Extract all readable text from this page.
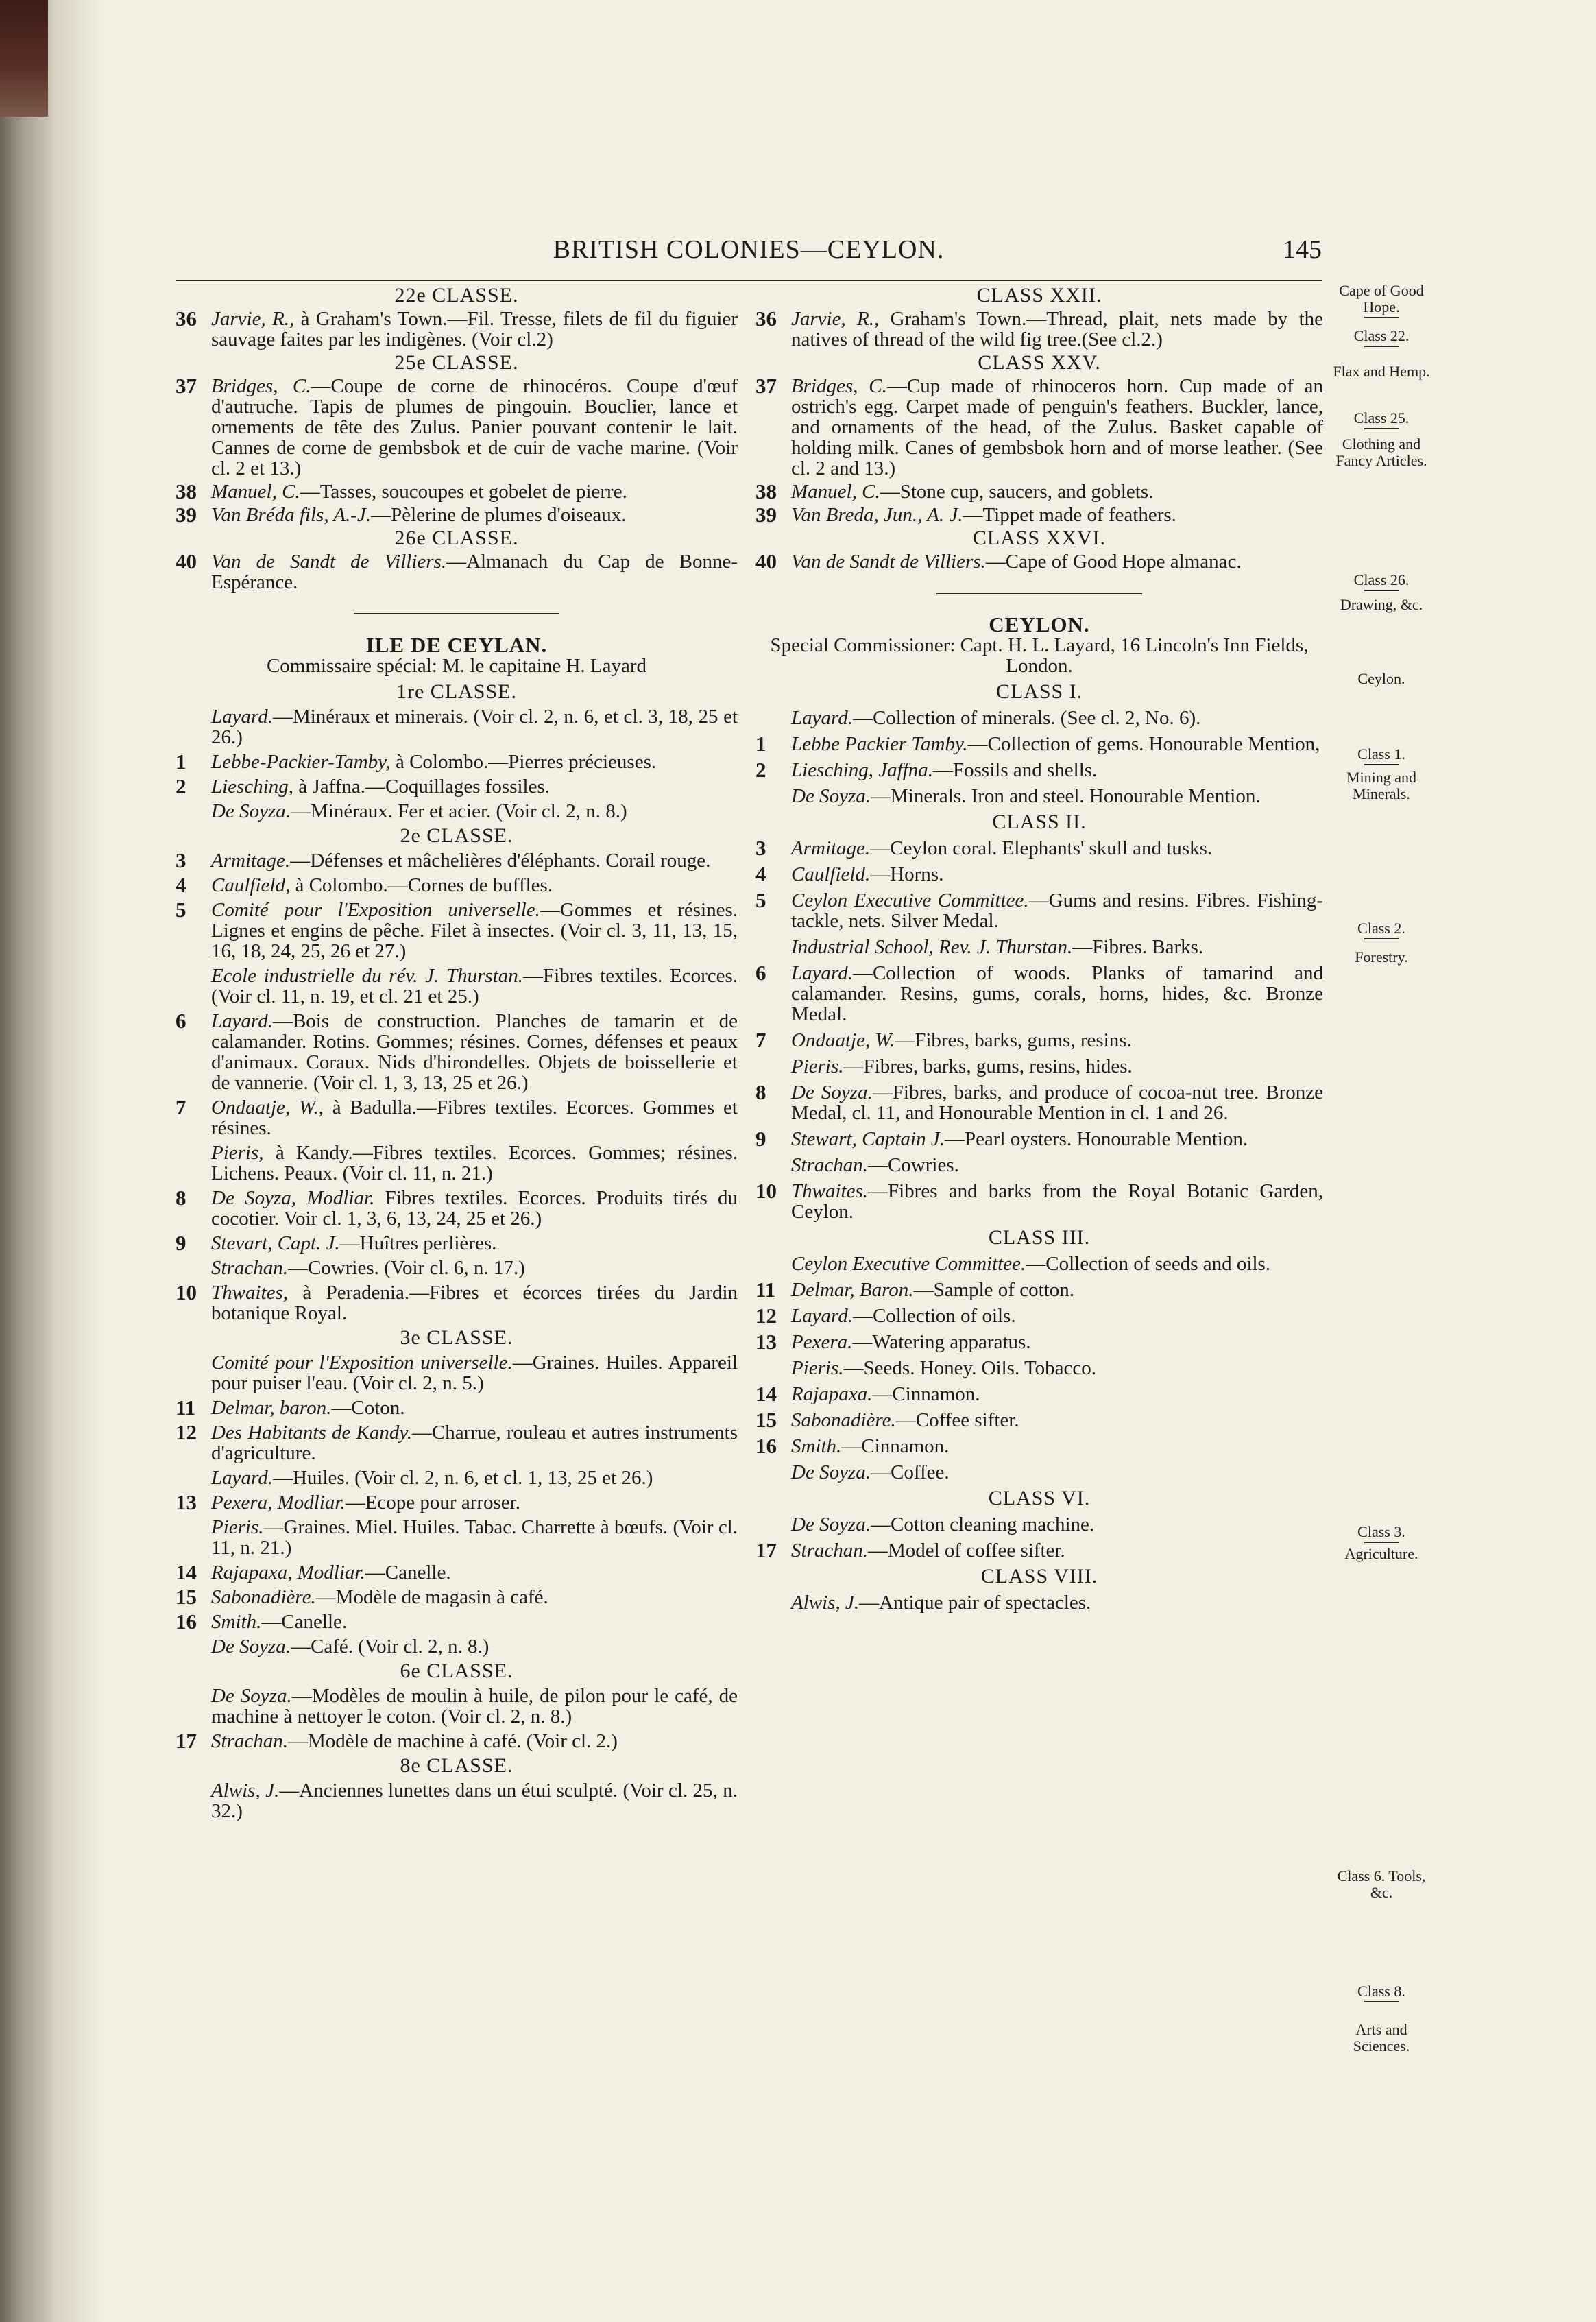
BRITISH COLONIES—CEYLON.	145
22e CLASSE.
36 Jarvie, R., à Graham's Town.—Fil. Tresse, filets de fil du figuier sauvage faites par les indigènes. (Voir cl.2)
25e CLASSE.
37 Bridges, C.—Coupe de corne de rhinocéros. Coupe d'œuf d'autruche. Tapis de plumes de pingouin. Bouclier, lance et ornements de tête des Zulus. Panier pouvant contenir le lait. Cannes de corne de gembsbok et de cuir de vache marine. (Voir cl. 2 et 13.)
38 Manuel, C.—Tasses, soucoupes et gobelet de pierre.
39 Van Bréda fils, A.-J.—Pèlerine de plumes d'oiseaux.
26e CLASSE.
40 Van de Sandt de Villiers.—Almanach du Cap de Bonne-Espérance.
ILE DE CEYLAN.
Commissaire spécial: M. le capitaine H. Layard
1re CLASSE.
Layard.—Minéraux et minerais. (Voir cl. 2, n. 6, et cl. 3, 18, 25 et 26.)
1 Lebbe-Packier-Tamby, à Colombo.—Pierres précieuses.
2 Liesching, à Jaffna.—Coquillages fossiles.
De Soyza.—Minéraux. Fer et acier. (Voir cl. 2, n. 8.)
2e CLASSE.
3 Armitage.—Défenses et mâchelières d'éléphants. Corail rouge.
4 Caulfield, à Colombo.—Cornes de buffles.
5 Comité pour l'Exposition universelle.—Gommes et résines. Lignes et engins de pêche. Filet à insectes. (Voir cl. 3, 11, 13, 15, 16, 18, 24, 25, 26 et 27.)
Ecole industrielle du rév. J. Thurstan.—Fibres textiles. Ecorces. (Voir cl. 11, n. 19, et cl. 21 et 25.)
6 Layard.—Bois de construction. Planches de tamarin et de calamander. Rotins. Gommes; résines. Cornes, défenses et peaux d'animaux. Coraux. Nids d'hirondelles. Objets de boissellerie et de vannerie. (Voir cl. 1, 3, 13, 25 et 26.)
7 Ondaatje, W., à Badulla.—Fibres textiles. Ecorces. Gommes et résines.
Pieris, à Kandy.—Fibres textiles. Ecorces. Gommes; résines. Lichens. Peaux. (Voir cl. 11, n. 21.)
8 De Soyza, Modliar. Fibres textiles. Ecorces. Produits tirés du cocotier. Voir cl. 1, 3, 6, 13, 24, 25 et 26.)
9 Stevart, Capt. J.—Huîtres perlières.
Strachan.—Cowries. (Voir cl. 6, n. 17.)
10 Thwaites, à Peradenia.—Fibres et écorces tirées du Jardin botanique Royal.
3e CLASSE.
Comité pour l'Exposition universelle.—Graines. Huiles. Appareil pour puiser l'eau. (Voir cl. 2, n. 5.)
11 Delmar, baron.—Coton.
12 Des Habitants de Kandy.—Charrue, rouleau et autres instruments d'agriculture.
Layard.—Huiles. (Voir cl. 2, n. 6, et cl. 1, 13, 25 et 26.)
13 Pexera, Modliar.—Ecope pour arroser.
Pieris.—Graines. Miel. Huiles. Tabac. Charrette à bœufs. (Voir cl. 11, n. 21.)
14 Rajapaxa, Modliar.—Canelle.
15 Sabonadière.—Modèle de magasin à café.
16 Smith.—Canelle.
De Soyza.—Café. (Voir cl. 2, n. 8.)
6e CLASSE.
De Soyza.—Modèles de moulin à huile, de pilon pour le café, de machine à nettoyer le coton. (Voir cl. 2, n. 8.)
17 Strachan.—Modèle de machine à café. (Voir cl. 2.)
8e CLASSE.
Alwis, J.—Anciennes lunettes dans un étui sculpté. (Voir cl. 25, n. 32.)
CLASS XXII.
36 Jarvie, R., Graham's Town.—Thread, plait, nets made by the natives of thread of the wild fig tree.(See cl.2.)
CLASS XXV.
37 Bridges, C.—Cup made of rhinoceros horn. Cup made of an ostrich's egg. Carpet made of penguin's feathers. Buckler, lance, and ornaments of the head, of the Zulus. Basket capable of holding milk. Canes of gembsbok horn and of morse leather. (See cl. 2 and 13.)
38 Manuel, C.—Stone cup, saucers, and goblets.
39 Van Breda, Jun., A. J.—Tippet made of feathers.
CLASS XXVI.
40 Van de Sandt de Villiers.—Cape of Good Hope almanac.
CEYLON.
Special Commissioner: Capt. H. L. Layard, 16 Lincoln's Inn Fields, London.
CLASS I.
Layard.—Collection of minerals. (See cl. 2, No. 6).
1 Lebbe Packier Tamby.—Collection of gems. Honourable Mention,
2 Liesching, Jaffna.—Fossils and shells.
De Soyza.—Minerals. Iron and steel. Honourable Mention.
CLASS II.
3 Armitage.—Ceylon coral. Elephants' skull and tusks.
4 Caulfield.—Horns.
5 Ceylon Executive Committee.—Gums and resins. Fibres. Fishing-tackle, nets. Silver Medal.
Industrial School, Rev. J. Thurstan.—Fibres. Barks.
6 Layard.—Collection of woods. Planks of tamarind and calamander. Resins, gums, corals, horns, hides, &c. Bronze Medal.
7 Ondaatje, W.—Fibres, barks, gums, resins.
Pieris.—Fibres, barks, gums, resins, hides.
8 De Soyza.—Fibres, barks, and produce of cocoa-nut tree. Bronze Medal, cl. 11, and Honourable Mention in cl. 1 and 26.
9 Stewart, Captain J.—Pearl oysters. Honourable Mention.
Strachan.—Cowries.
10 Thwaites.—Fibres and barks from the Royal Botanic Garden, Ceylon.
CLASS III.
Ceylon Executive Committee.—Collection of seeds and oils.
11 Delmar, Baron.—Sample of cotton.
12 Layard.—Collection of oils.
13 Pexera.—Watering apparatus.
Pieris.—Seeds. Honey. Oils. Tobacco.
14 Rajapaxa.—Cinnamon.
15 Sabonadière.—Coffee sifter.
16 Smith.—Cinnamon.
De Soyza.—Coffee.
CLASS VI.
De Soyza.—Cotton cleaning machine.
17 Strachan.—Model of coffee sifter.
CLASS VIII.
Alwis, J.—Antique pair of spectacles.
Cape of Good Hope.
Class 22.
Flax and Hemp.
Class 25.
Clothing and Fancy Articles.
Class 26.
Drawing, &c.
Ceylon.
Class 1.
Mining and Minerals.
Class 2.
Forestry.
Class 3.
Agriculture.
Class 6. Tools, &c.
Class 8.
Arts and Sciences.
